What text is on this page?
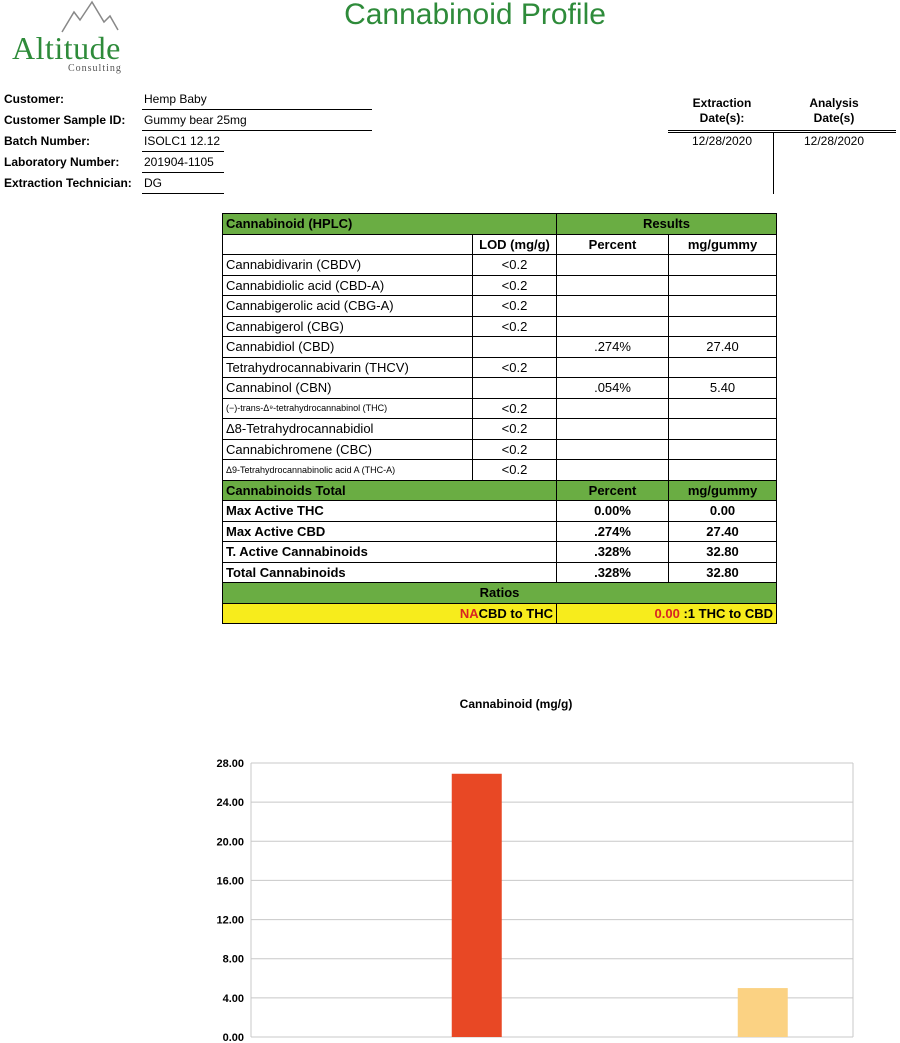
Altitude
Consulting
Cannabinoid Profile
Customer:	Hemp Baby
Customer Sample ID: Gummy bear 25mg
Batch Number:	ISOLC1 12.12
Laboratory Number: 201904-1105
Extraction Technician: DG
Extraction
Date(s):
Analysis
Date(s)
12/28/2020	12/28/2020
Cannabinoid (HPLC)		Results	
	LOD (mg/g)	Percent	mg/gummy
Cannabidivarin (CBDV)	<0.2		
Cannabidiolic acid (CBD-A)	<0.2		
Cannabigerolic acid (CBG-A)	<0.2		
Cannabigerol (CBG)	<0.2		
Cannabidiol (CBD)		.274%	27.40
Tetrahydrocannabivarin (THCV)	<0.2		
Cannabinol (CBN)		.054%	5.40
(−)-trans-Δ⁹-tetrahydrocannabinol (THC)	<0.2		
Δ8-Tetrahydrocannabidiol	<0.2		
Cannabichromene (CBC)	<0.2		
Δ9-Tetrahydrocannabinolic acid A (THC-A)	<0.2		
Cannabinoids Total		Percent	mg/gummy
Max Active THC		0.00%	0.00
Max Active CBD		.274%	27.40
T. Active Cannabinoids		.328%	32.80
Total Cannabinoids		.328%	32.80
Ratios			
NACBD to THC		0.00 :1 THC to CBD	
Cannabinoid (mg/g)
28.00
24.00
20.00
16.00
12.00
8.00
4.00
0.00
